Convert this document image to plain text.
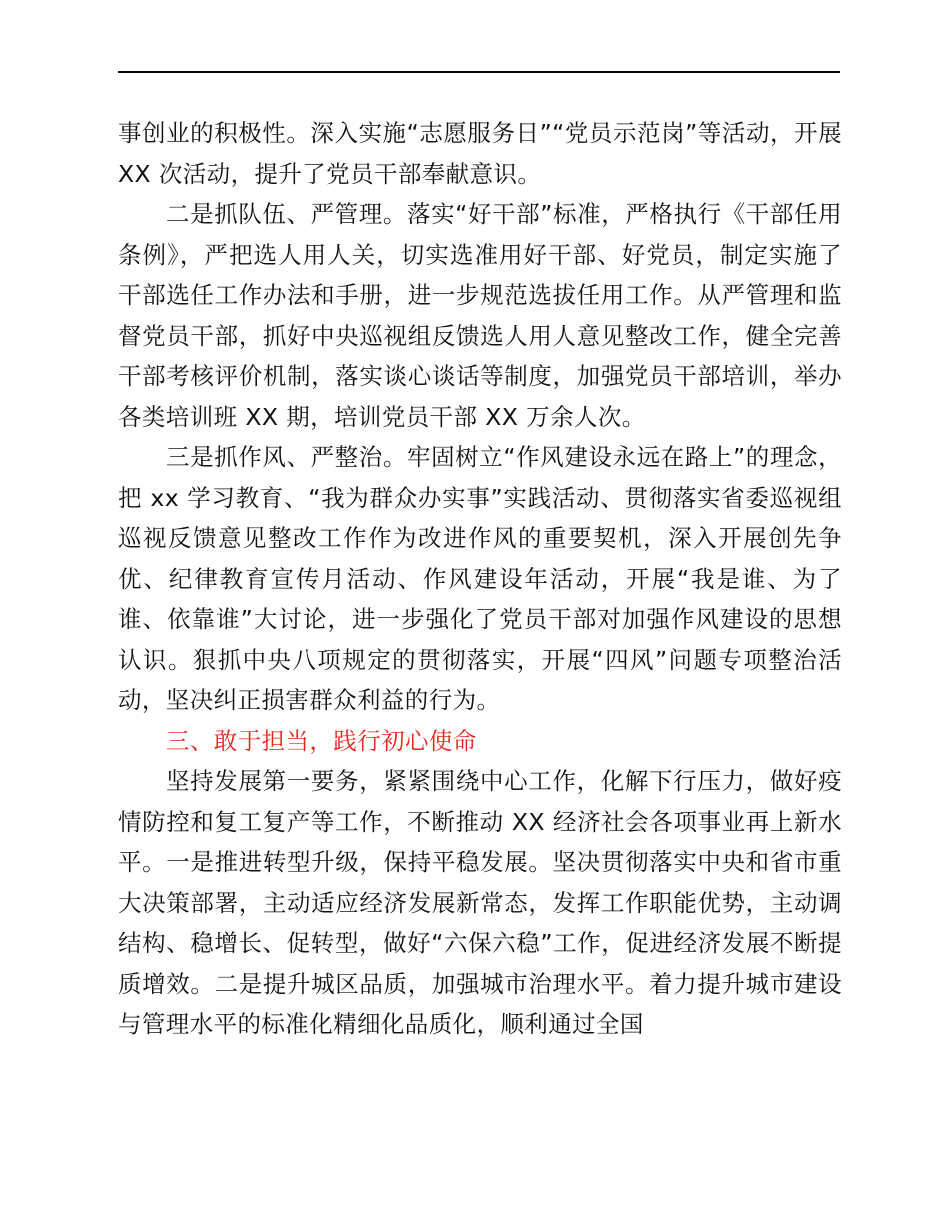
事创业的积极性。深入实施“志愿服务日”“党员示范岗”等活动，开展 XX 次活动，提升了党员干部奉献意识。

二是抓队伍、严管理。落实“好干部”标准，严格执行《干部任用条例》，严把选人用人关，切实选准用好干部、好党员，制定实施了干部选任工作办法和手册，进一步规范选拔任用工作。从严管理和监督党员干部，抓好中央巡视组反馈选人用人意见整改工作，健全完善干部考核评价机制，落实谈心谈话等制度，加强党员干部培训，举办各类培训班 XX 期，培训党员干部 XX 万余人次。

三是抓作风、严整治。牢固树立“作风建设永远在路上”的理念，把 xx 学习教育、“我为群众办实事”实践活动、贯彻落实省委巡视组巡视反馈意见整改工作作为改进作风的重要契机，深入开展创先争优、纪律教育宣传月活动、作风建设年活动，开展“我是谁、为了谁、依靠谁”大讨论，进一步强化了党员干部对加强作风建设的思想认识。狠抓中央八项规定的贯彻落实，开展“四风”问题专项整治活动，坚决纠正损害群众利益的行为。

三、敢于担当，践行初心使命

坚持发展第一要务，紧紧围绕中心工作，化解下行压力，做好疫情防控和复工复产等工作，不断推动 XX 经济社会各项事业再上新水平。一是推进转型升级，保持平稳发展。坚决贯彻落实中央和省市重大决策部署，主动适应经济发展新常态，发挥工作职能优势，主动调结构、稳增长、促转型，做好“六保六稳”工作，促进经济发展不断提质增效。二是提升城区品质，加强城市治理水平。着力提升城市建设与管理水平的标准化精细化品质化，顺利通过全国
